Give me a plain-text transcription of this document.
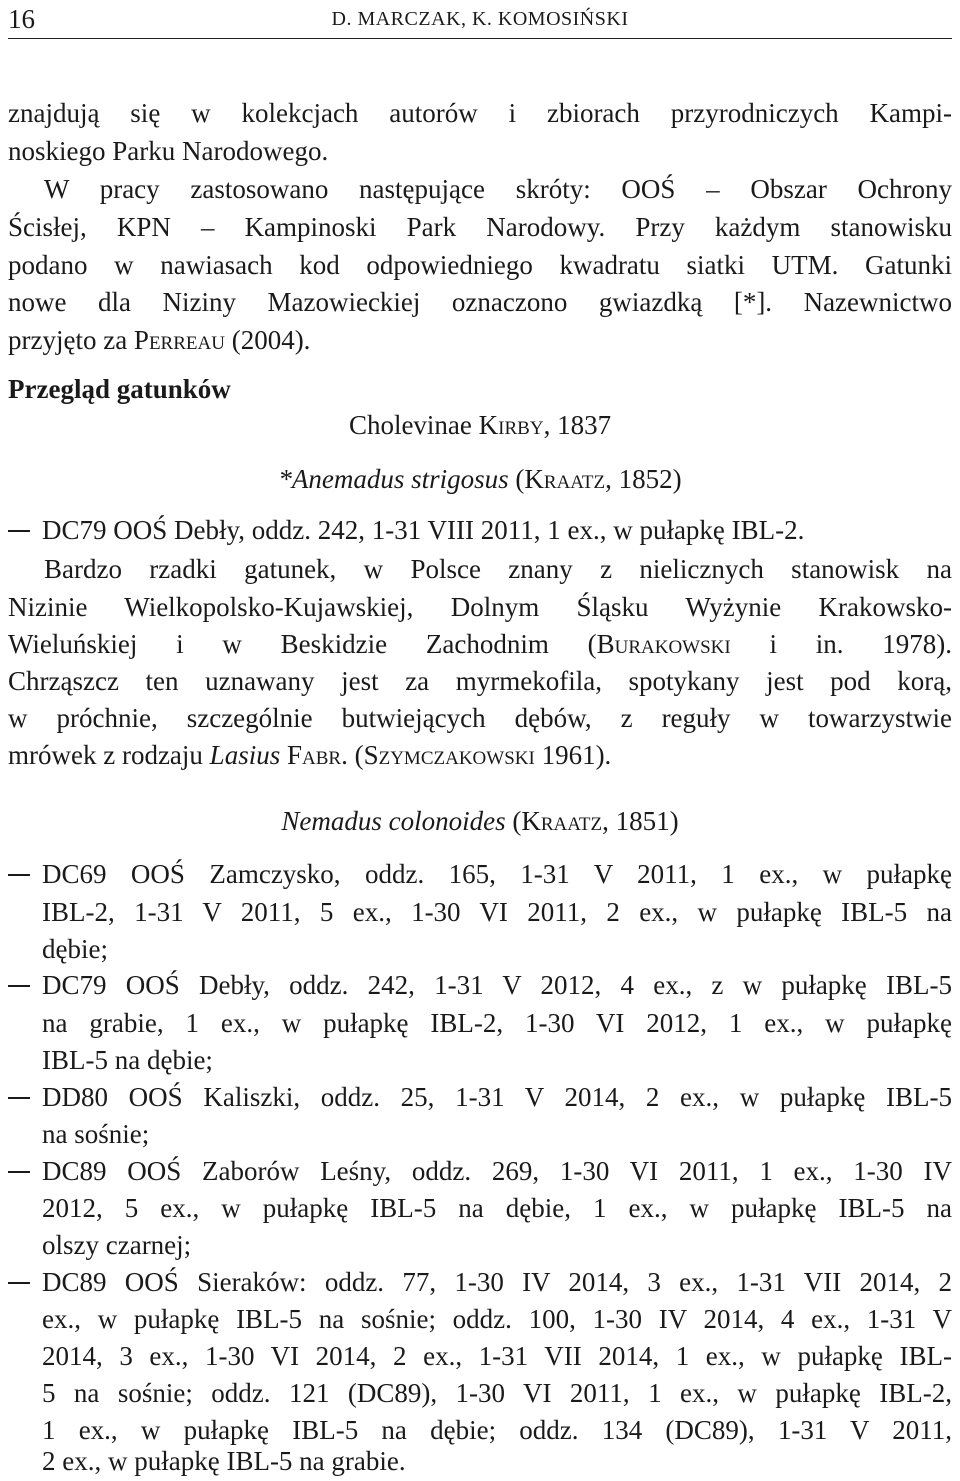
16	D. MARCZAK, K. KOMOSIŃSKI
znajdują się w kolekcjach autorów i zbiorach przyrodniczych Kampi-
noskiego Parku Narodowego.
W pracy zastosowano następujące skróty: OOŚ – Obszar Ochrony
Ścisłej, KPN – Kampinoski Park Narodowy. Przy każdym stanowisku
podano w nawiasach kod odpowiedniego kwadratu siatki UTM. Gatunki
nowe dla Niziny Mazowieckiej oznaczono gwiazdką [*]. Nazewnictwo
przyjęto za Perreau (2004).
Przegląd gatunków
Cholevinae Kirby, 1837
*Anemadus strigosus (Kraatz, 1852)
DC79 OOŚ Debły, oddz. 242, 1-31 VIII 2011, 1 ex., w pułapkę IBL-2.
Bardzo rzadki gatunek, w Polsce znany z nielicznych stanowisk na
Nizinie Wielkopolsko-Kujawskiej, Dolnym Śląsku Wyżynie Krakowsko-
Wieluńskiej i w Beskidzie Zachodnim (Burakowski i in. 1978).
Chrząszcz ten uznawany jest za myrmekofila, spotykany jest pod korą,
w próchnie, szczególnie butwiejących dębów, z reguły w towarzystwie
mrówek z rodzaju Lasius Fabr. (Szymczakowski 1961).
Nemadus colonoides (Kraatz, 1851)
DC69 OOŚ Zamczysko, oddz. 165, 1-31 V 2011, 1 ex., w pułapkę
IBL-2, 1-31 V 2011, 5 ex., 1-30 VI 2011, 2 ex., w pułapkę IBL-5 na
dębie;
DC79 OOŚ Debły, oddz. 242, 1-31 V 2012, 4 ex., z w pułapkę IBL-5
na grabie, 1 ex., w pułapkę IBL-2, 1-30 VI 2012, 1 ex., w pułapkę
IBL-5 na dębie;
DD80 OOŚ Kaliszki, oddz. 25, 1-31 V 2014, 2 ex., w pułapkę IBL-5
na sośnie;
DC89 OOŚ Zaborów Leśny, oddz. 269, 1-30 VI 2011, 1 ex., 1-30 IV
2012, 5 ex., w pułapkę IBL-5 na dębie, 1 ex., w pułapkę IBL-5 na
olszy czarnej;
DC89 OOŚ Sieraków: oddz. 77, 1-30 IV 2014, 3 ex., 1-31 VII 2014, 2
ex., w pułapkę IBL-5 na sośnie; oddz. 100, 1-30 IV 2014, 4 ex., 1-31 V
2014, 3 ex., 1-30 VI 2014, 2 ex., 1-31 VII 2014, 1 ex., w pułapkę IBL-
5 na sośnie; oddz. 121 (DC89), 1-30 VI 2011, 1 ex., w pułapkę IBL-2,
1 ex., w pułapkę IBL-5 na dębie; oddz. 134 (DC89), 1-31 V 2011,
2 ex., w pułapkę IBL-5 na grabie.
